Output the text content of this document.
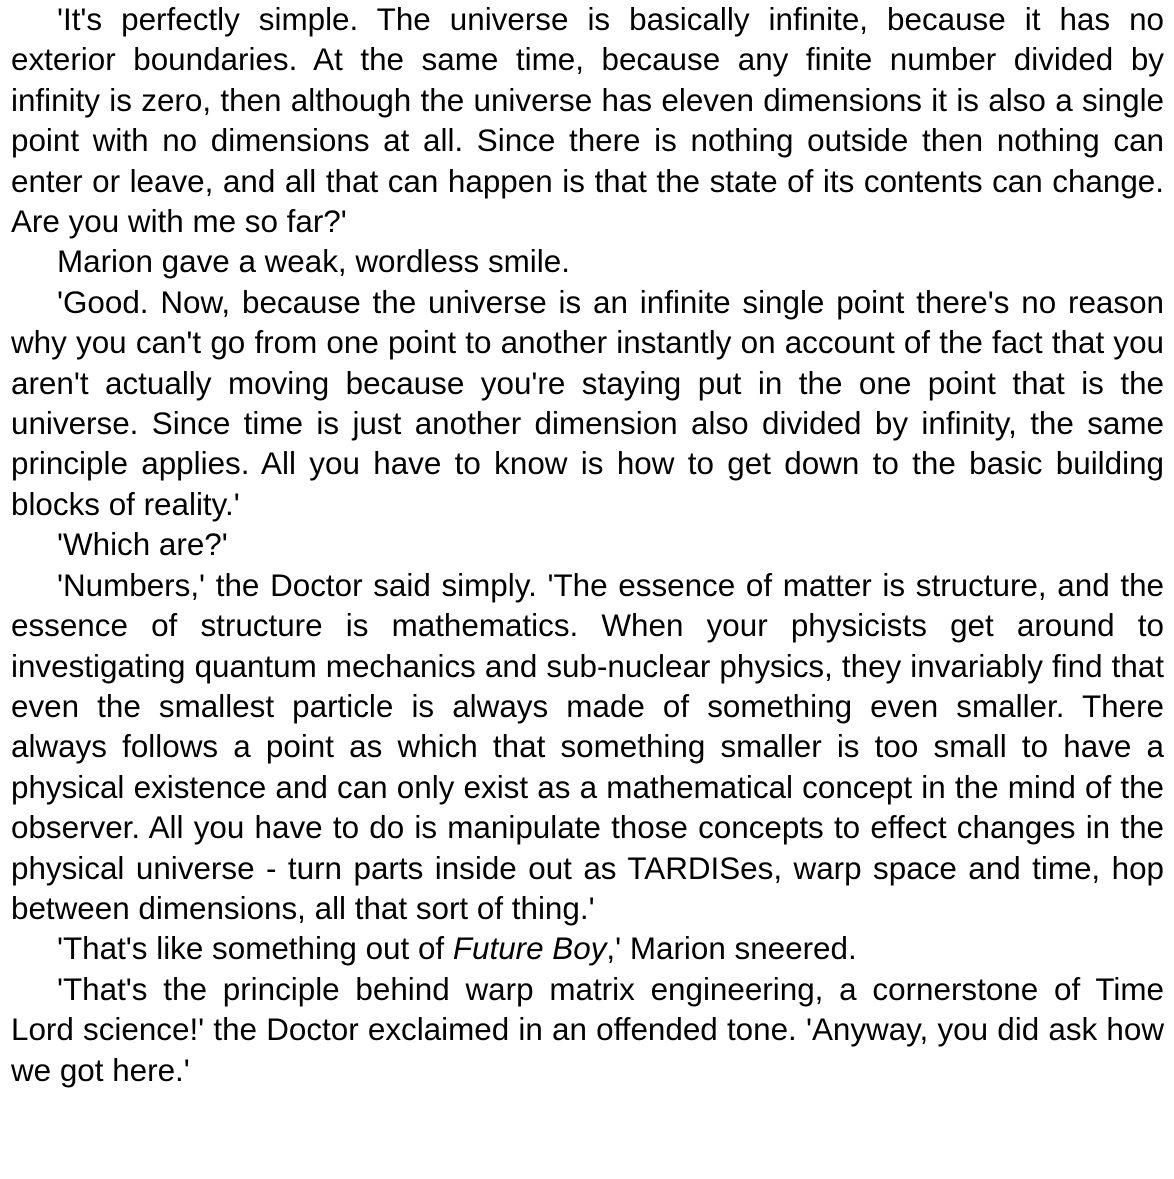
'It's perfectly simple. The universe is basically infinite, because it has no exterior boundaries. At the same time, because any finite number divided by infinity is zero, then although the universe has eleven dimensions it is also a single point with no dimensions at all. Since there is nothing outside then nothing can enter or leave, and all that can happen is that the state of its contents can change. Are you with me so far?'

Marion gave a weak, wordless smile.

'Good. Now, because the universe is an infinite single point there's no reason why you can't go from one point to another instantly on account of the fact that you aren't actually moving because you're staying put in the one point that is the universe. Since time is just another dimension also divided by infinity, the same principle applies. All you have to know is how to get down to the basic building blocks of reality.'

'Which are?'

'Numbers,' the Doctor said simply. 'The essence of matter is structure, and the essence of structure is mathematics. When your physicists get around to investigating quantum mechanics and sub-nuclear physics, they invariably find that even the smallest particle is always made of something even smaller. There always follows a point as which that something smaller is too small to have a physical existence and can only exist as a mathematical concept in the mind of the observer. All you have to do is manipulate those concepts to effect changes in the physical universe - turn parts inside out as TARDISes, warp space and time, hop between dimensions, all that sort of thing.'

'That's like something out of Future Boy,' Marion sneered.

'That's the principle behind warp matrix engineering, a cornerstone of Time Lord science!' the Doctor exclaimed in an offended tone. 'Anyway, you did ask how we got here.'
